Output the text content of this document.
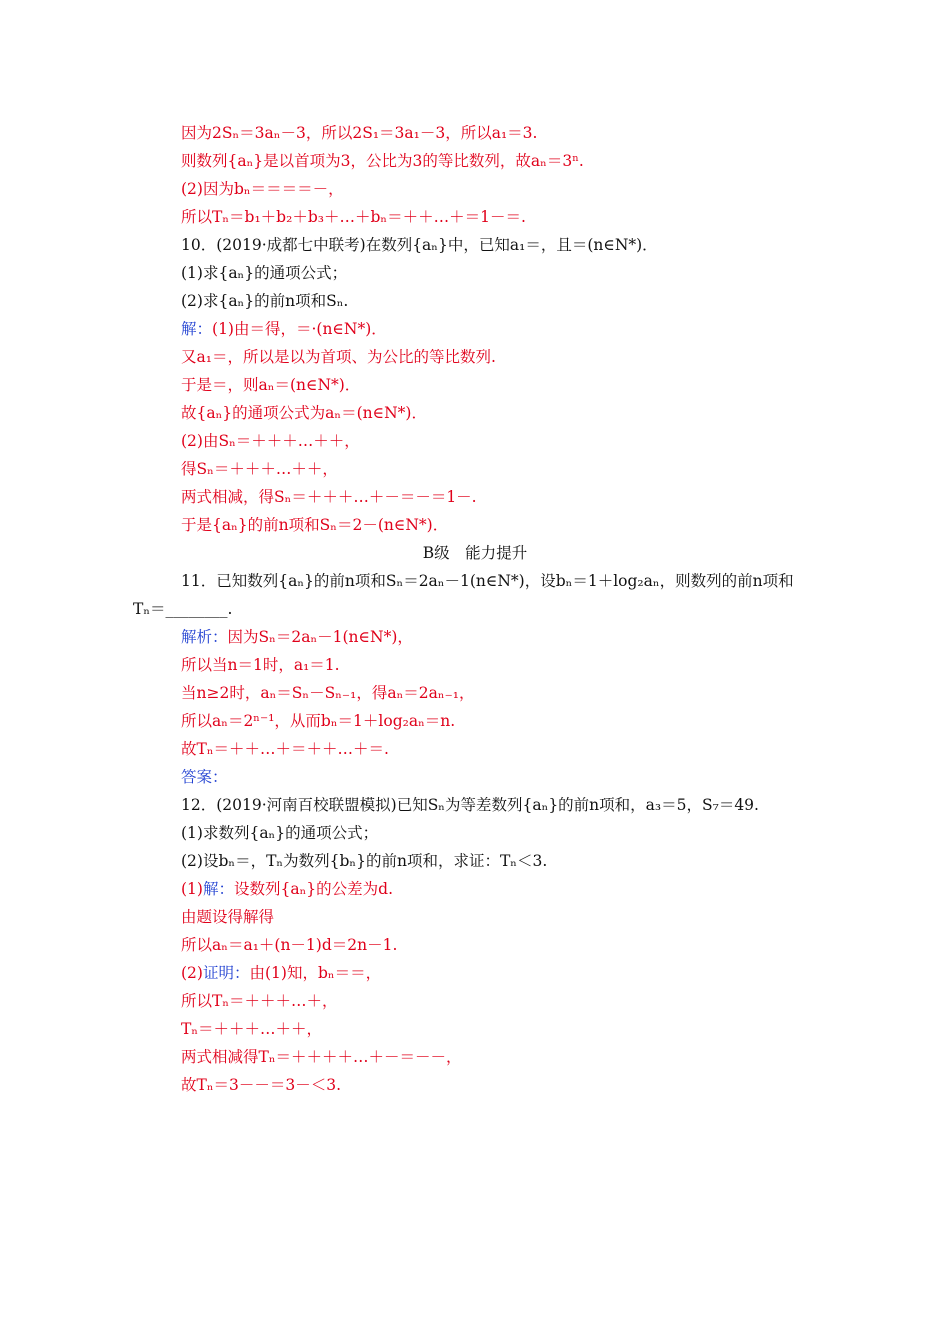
因为2Sₙ＝3aₙ－3，所以2S₁＝3a₁－3，所以a₁＝3.
则数列{aₙ}是以首项为3，公比为3的等比数列，故aₙ＝3ⁿ.
(2)因为bₙ＝＝＝＝－，
所以Tₙ＝b₁＋b₂＋b₃＋…＋bₙ＝＋＋…＋＝1－＝.
10．(2019·成都七中联考)在数列{aₙ}中，已知a₁＝，且＝(n∈N*)．
(1)求{aₙ}的通项公式；
(2)求{aₙ}的前n项和Sₙ.
解：(1)由＝得，＝·(n∈N*)．
又a₁＝，所以是以为首项、为公比的等比数列.
于是＝，则aₙ＝(n∈N*)．
故{aₙ}的通项公式为aₙ＝(n∈N*)．
(2)由Sₙ＝＋＋＋…＋＋，
得Sₙ＝＋＋＋…＋＋，
两式相减，得Sₙ＝＋＋＋…＋－＝－＝1－.
于是{aₙ}的前n项和Sₙ＝2－(n∈N*)．
B级　能力提升
11．已知数列{aₙ}的前n项和Sₙ＝2aₙ－1(n∈N*)，设bₙ＝1＋log₂aₙ，则数列的前n项和
Tₙ＝________.
解析：因为Sₙ＝2aₙ－1(n∈N*)，
所以当n＝1时，a₁＝1.
当n≥2时，aₙ＝Sₙ－Sₙ₋₁，得aₙ＝2aₙ₋₁，
所以aₙ＝2ⁿ⁻¹，从而bₙ＝1＋log₂aₙ＝n.
故Tₙ＝＋＋…＋＝＋＋…＋＝.
答案：
12．(2019·河南百校联盟模拟)已知Sₙ为等差数列{aₙ}的前n项和，a₃＝5，S₇＝49.
(1)求数列{aₙ}的通项公式；
(2)设bₙ＝，Tₙ为数列{bₙ}的前n项和，求证：Tₙ＜3.
(1)解：设数列{aₙ}的公差为d.
由题设得解得
所以aₙ＝a₁＋(n－1)d＝2n－1.
(2)证明：由(1)知，bₙ＝＝，
所以Tₙ＝＋＋＋…＋，
Tₙ＝＋＋＋…＋＋，
两式相减得Tₙ＝＋＋＋＋…＋－＝－－，
故Tₙ＝3－－＝3－＜3.
